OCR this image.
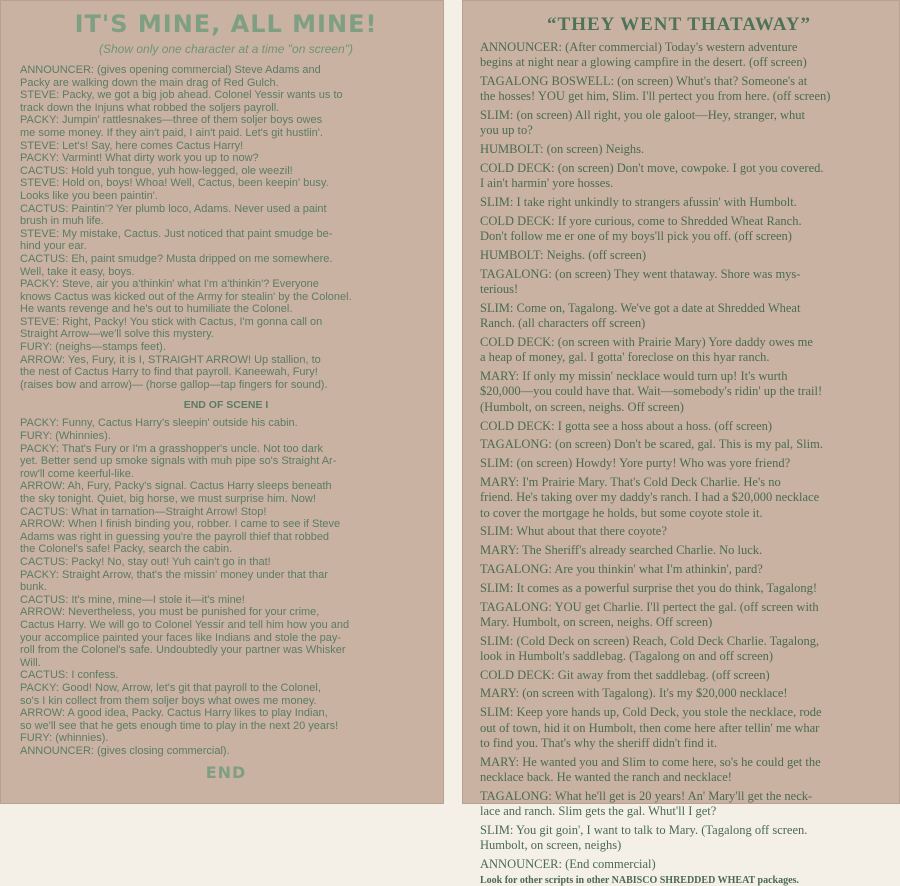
IT'S MINE, ALL MINE!
(Show only one character at a time "on screen")
ANNOUNCER: (gives opening commercial) Steve Adams and
Packy are walking down the main drag of Red Gulch.
STEVE: Packy, we got a big job ahead. Colonel Yessir wants us to
track down the Injuns what robbed the soljers payroll.
PACKY: Jumpin' rattlesnakes—three of them soljer boys owes
me some money. If they ain't paid, I ain't paid. Let's git hustlin'.
STEVE: Let's! Say, here comes Cactus Harry!
PACKY: Varmint! What dirty work you up to now?
CACTUS: Hold yuh tongue, yuh how-legged, ole weezil!
STEVE: Hold on, boys! Whoa! Well, Cactus, been keepin' busy.
Looks like you been paintin'.
CACTUS: Paintin'? Yer plumb loco, Adams. Never used a paint
brush in muh life.
STEVE: My mistake, Cactus. Just noticed that paint smudge be-
hind your ear.
CACTUS: Eh, paint smudge? Musta dripped on me somewhere.
Well, take it easy, boys.
PACKY: Steve, air you a'thinkin' what I'm a'thinkin'? Everyone
knows Cactus was kicked out of the Army for stealin' by the Colonel.
He wants revenge and he's out to humiliate the Colonel.
STEVE: Right, Packy! You stick with Cactus, I'm gonna call on
Straight Arrow—we'll solve this mystery.
FURY: (neighs—stamps feet).
ARROW: Yes, Fury, it is I, STRAIGHT ARROW! Up stallion, to
the nest of Cactus Harry to find that payroll. Kaneewah, Fury!
(raises bow and arrow)— (horse gallop—tap fingers for sound).
END OF SCENE I
PACKY: Funny, Cactus Harry's sleepin' outside his cabin.
FURY: (Whinnies).
PACKY: That's Fury or I'm a grasshopper's uncle. Not too dark
yet. Better send up smoke signals with muh pipe so's Straight Ar-
row'll come keerful-like.
ARROW: Ah, Fury, Packy's signal. Cactus Harry sleeps beneath
the sky tonight. Quiet, big horse, we must surprise him. Now!
CACTUS: What in tarnation—Straight Arrow! Stop!
ARROW: When I finish binding you, robber. I came to see if Steve
Adams was right in guessing you're the payroll thief that robbed
the Colonel's safe! Packy, search the cabin.
CACTUS: Packy! No, stay out! Yuh cain't go in that!
PACKY: Straight Arrow, that's the missin' money under that thar
bunk.
CACTUS: It's mine, mine—I stole it—it's mine!
ARROW: Nevertheless, you must be punished for your crime,
Cactus Harry. We will go to Colonel Yessir and tell him how you and
your accomplice painted your faces like Indians and stole the pay-
roll from the Colonel's safe. Undoubtedly your partner was Whisker
Will.
CACTUS: I confess.
PACKY: Good! Now, Arrow, let's git that payroll to the Colonel,
so's I kin collect from them soljer boys what owes me money.
ARROW: A good idea, Packy. Cactus Harry likes to play Indian,
so we'll see that he gets enough time to play in the next 20 years!
FURY: (whinnies).
ANNOUNCER: (gives closing commercial).
END
“THEY WENT THATAWAY”
ANNOUNCER: (After commercial) Today's western adventure
begins at night near a glowing campfire in the desert. (off screen)
TAGALONG BOSWELL: (on screen) Whut's that? Someone's at
the hosses! YOU get him, Slim. I'll pertect you from here. (off screen)
SLIM: (on screen) All right, you ole galoot—Hey, stranger, whut
you up to?
HUMBOLT: (on screen) Neighs.
COLD DECK: (on screen) Don't move, cowpoke. I got you covered.
I ain't harmin' yore hosses.
SLIM: I take right unkindly to strangers afussin' with Humbolt.
COLD DECK: If yore curious, come to Shredded Wheat Ranch.
Don't follow me er one of my boys'll pick you off. (off screen)
HUMBOLT: Neighs. (off screen)
TAGALONG: (on screen) They went thataway. Shore was mys-
terious!
SLIM: Come on, Tagalong. We've got a date at Shredded Wheat
Ranch. (all characters off screen)
COLD DECK: (on screen with Prairie Mary) Yore daddy owes me
a heap of money, gal. I gotta' foreclose on this hyar ranch.
MARY: If only my missin' necklace would turn up! It's wurth
$20,000—you could have that. Wait—somebody's ridin' up the trail!
(Humbolt, on screen, neighs. Off screen)
COLD DECK: I gotta see a hoss about a hoss. (off screen)
TAGALONG: (on screen) Don't be scared, gal. This is my pal, Slim.
SLIM: (on screen) Howdy! Yore purty! Who was yore friend?
MARY: I'm Prairie Mary. That's Cold Deck Charlie. He's no
friend. He's taking over my daddy's ranch. I had a $20,000 necklace
to cover the mortgage he holds, but some coyote stole it.
SLIM: Whut about that there coyote?
MARY: The Sheriff's already searched Charlie. No luck.
TAGALONG: Are you thinkin' what I'm athinkin', pard?
SLIM: It comes as a powerful surprise thet you do think, Tagalong!
TAGALONG: YOU get Charlie. I'll pertect the gal. (off screen with
Mary. Humbolt, on screen, neighs. Off screen)
SLIM: (Cold Deck on screen) Reach, Cold Deck Charlie. Tagalong,
look in Humbolt's saddlebag. (Tagalong on and off screen)
COLD DECK: Git away from thet saddlebag. (off screen)
MARY: (on screen with Tagalong). It's my $20,000 necklace!
SLIM: Keep yore hands up, Cold Deck, you stole the necklace, rode
out of town, hid it on Humbolt, then come here after tellin' me whar
to find you. That's why the sheriff didn't find it.
MARY: He wanted you and Slim to come here, so's he could get the
necklace back. He wanted the ranch and necklace!
TAGALONG: What he'll get is 20 years! An' Mary'll get the neck-
lace and ranch. Slim gets the gal. Whut'll I get?
SLIM: You git goin', I want to talk to Mary. (Tagalong off screen.
Humbolt, on screen, neighs)
ANNOUNCER: (End commercial)
Look for other scripts in other NABISCO SHREDDED WHEAT packages.
